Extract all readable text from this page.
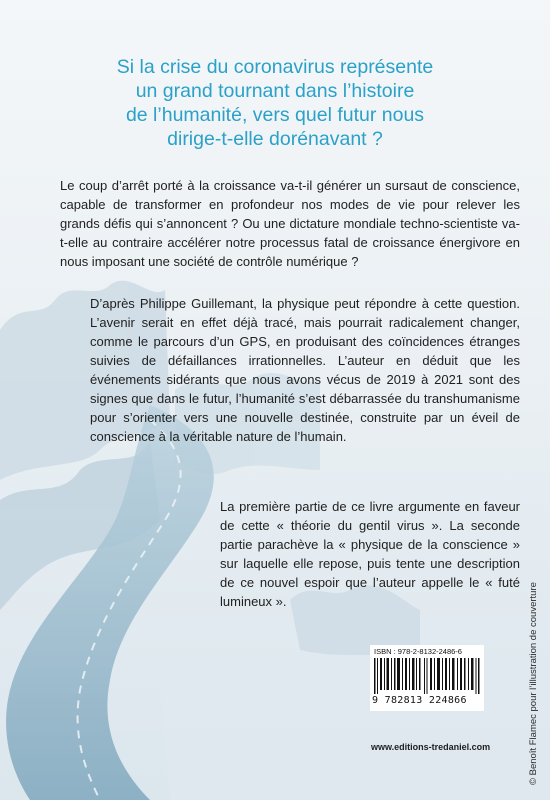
Si la crise du coronavirus représente
un grand tournant dans l’histoire
de l’humanité, vers quel futur nous
dirige-t-elle dorénavant ?

Le coup d’arrêt porté à la croissance va-t-il générer un sursaut de conscience, capable de transformer en profondeur nos modes de vie pour relever les grands défis qui s’annoncent ? Ou une dictature mondiale techno-scientiste va-t-elle au contraire accélérer notre processus fatal de croissance énergivore en nous imposant une société de contrôle numérique ?

D’après Philippe Guillemant, la physique peut répondre à cette question. L’avenir serait en effet déjà tracé, mais pourrait radicalement changer, comme le parcours d’un GPS, en produisant des coïncidences étranges suivies de défaillances irrationnelles. L’auteur en déduit que les événements sidérants que nous avons vécus de 2019 à 2021 sont des signes que dans le futur, l’humanité s’est débarrassée du transhumanisme pour s’orienter vers une nouvelle destinée, construite par un éveil de conscience à la véritable nature de l’humain.

La première partie de ce livre argumente en faveur de cette « théorie du gentil virus ». La seconde partie parachève la « physique de la conscience » sur laquelle elle repose, puis tente une description de ce nouvel espoir que l’auteur appelle le « futé lumineux ».

ISBN : 978-2-8132-2486-6
9 782813 224866
www.editions-tredaniel.com	© Benoît Flamec pour l’illustration de couverture
